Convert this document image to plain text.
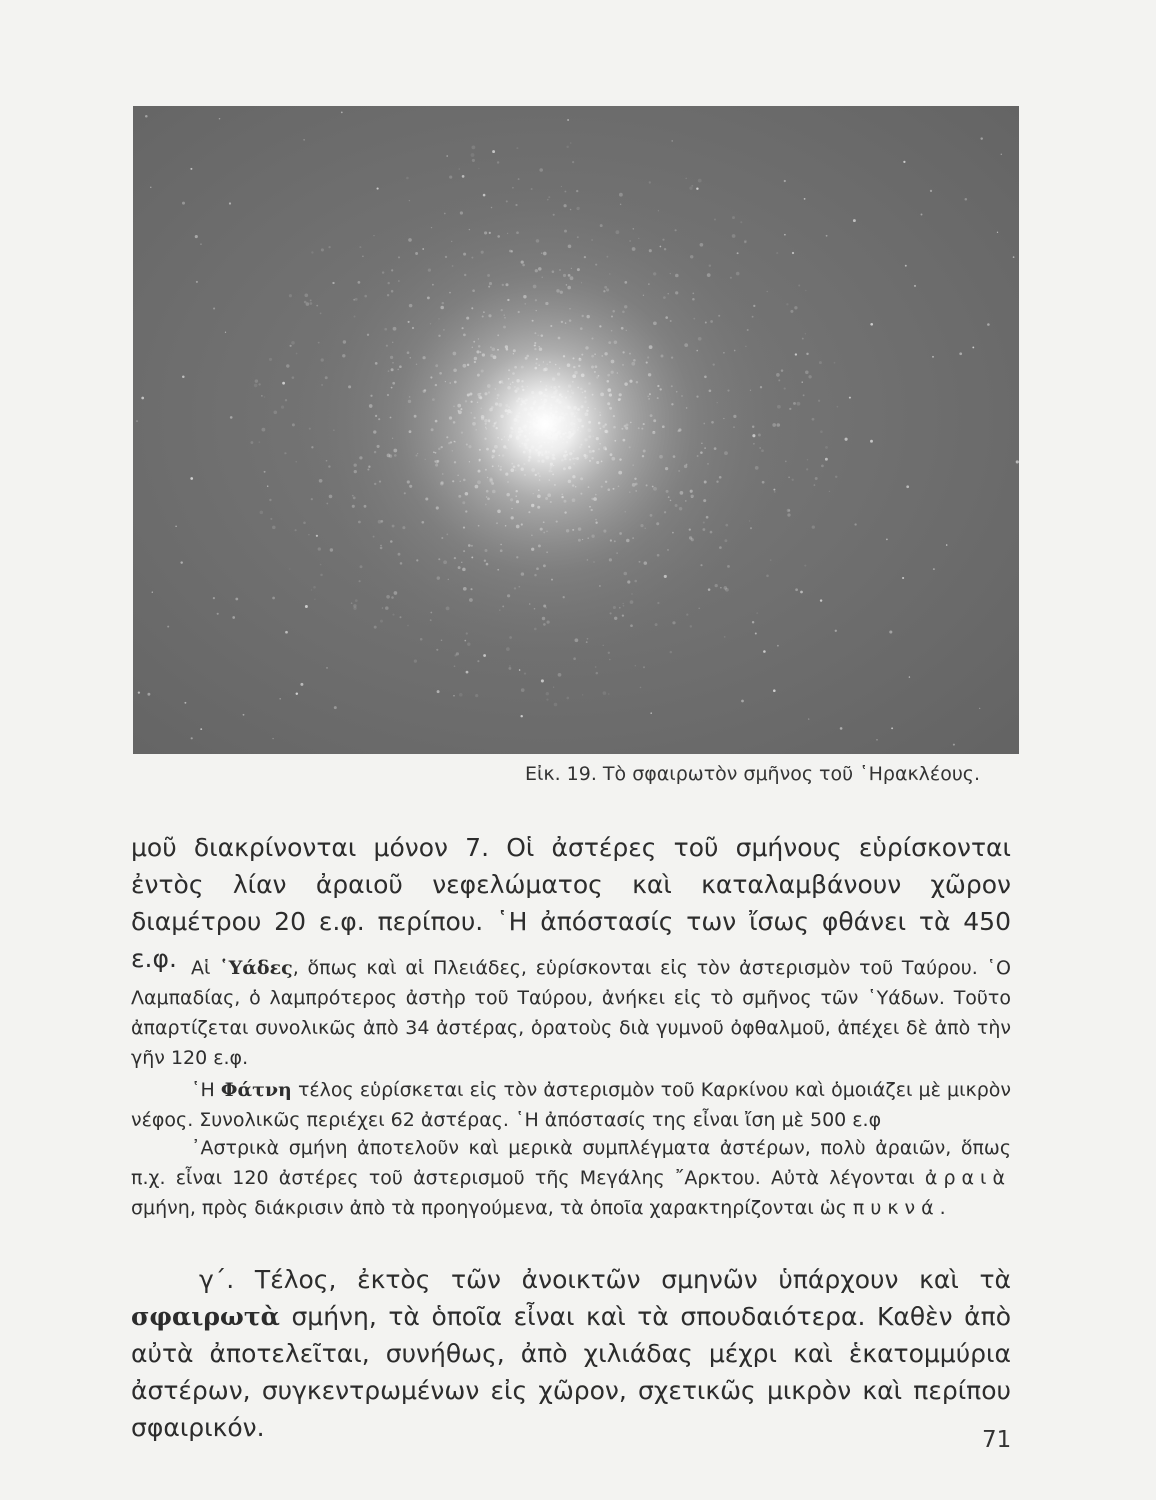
Εἰκ. 19. Τὸ σφαιρωτὸν σμῆνος τοῦ ῾Ηρακλέους.
μοῦ διακρίνονται μόνον 7. Οἱ ἀστέρες τοῦ σμήνους εὑρίσκονται ἐντὸς λίαν ἀραιοῦ νεφελώματος καὶ καταλαμβάνουν χῶρον διαμέτρου 20 ε.φ. περίπου. ῾Η ἀπόστασίς των ἴσως φθάνει τὰ 450 ε.φ. Αἱ ῾Υάδες, ὅπως καὶ αἱ Πλειάδες, εὑρίσκονται εἰς τὸν ἀστερισμὸν τοῦ Ταύρου. ῾Ο Λαμπαδίας, ὁ λαμπρότερος ἀστὴρ τοῦ Ταύρου, ἀνήκει εἰς τὸ σμῆνος τῶν ῾Υάδων. Τοῦτο ἀπαρτίζεται συνολικῶς ἀπὸ 34 ἀστέρας, ὁρατοὺς διὰ γυμνοῦ ὀφθαλμοῦ, ἀπέχει δὲ ἀπὸ τὴν γῆν 120 ε.φ.
῾Η Φάτνη τέλος εὑρίσκεται εἰς τὸν ἀστερισμὸν τοῦ Καρκίνου καὶ ὁμοιάζει μὲ μικρὸν νέφος. Συνολικῶς περιέχει 62 ἀστέρας. ῾Η ἀπόστασίς της εἶναι ἴση μὲ 500 ε.φ
᾿Αστρικὰ σμήνη ἀποτελοῦν καὶ μερικὰ συμπλέγματα ἀστέρων, πολὺ ἀραιῶν, ὅπως π.χ. εἶναι 120 ἀστέρες τοῦ ἀστερισμοῦ τῆς Μεγάλης ῎Αρκτου. Αὐτὰ λέγονται ἀραιὰ σμήνη, πρὸς διάκρισιν ἀπὸ τὰ προηγούμενα, τὰ ὁποῖα χαρακτηρίζονται ὡς πυκνά.
γ΄. Τέλος, ἐκτὸς τῶν ἀνοικτῶν σμηνῶν ὑπάρχουν καὶ τὰ σφαιρωτὰ σμήνη, τὰ ὁποῖα εἶναι καὶ τὰ σπουδαιότερα. Καθὲν ἀπὸ αὐτὰ ἀποτελεῖται, συνήθως, ἀπὸ χιλιάδας μέχρι καὶ ἑκατομμύρια ἀστέρων, συγκεντρωμένων εἰς χῶρον, σχετικῶς μικρὸν καὶ περίπου σφαιρικόν.	71
